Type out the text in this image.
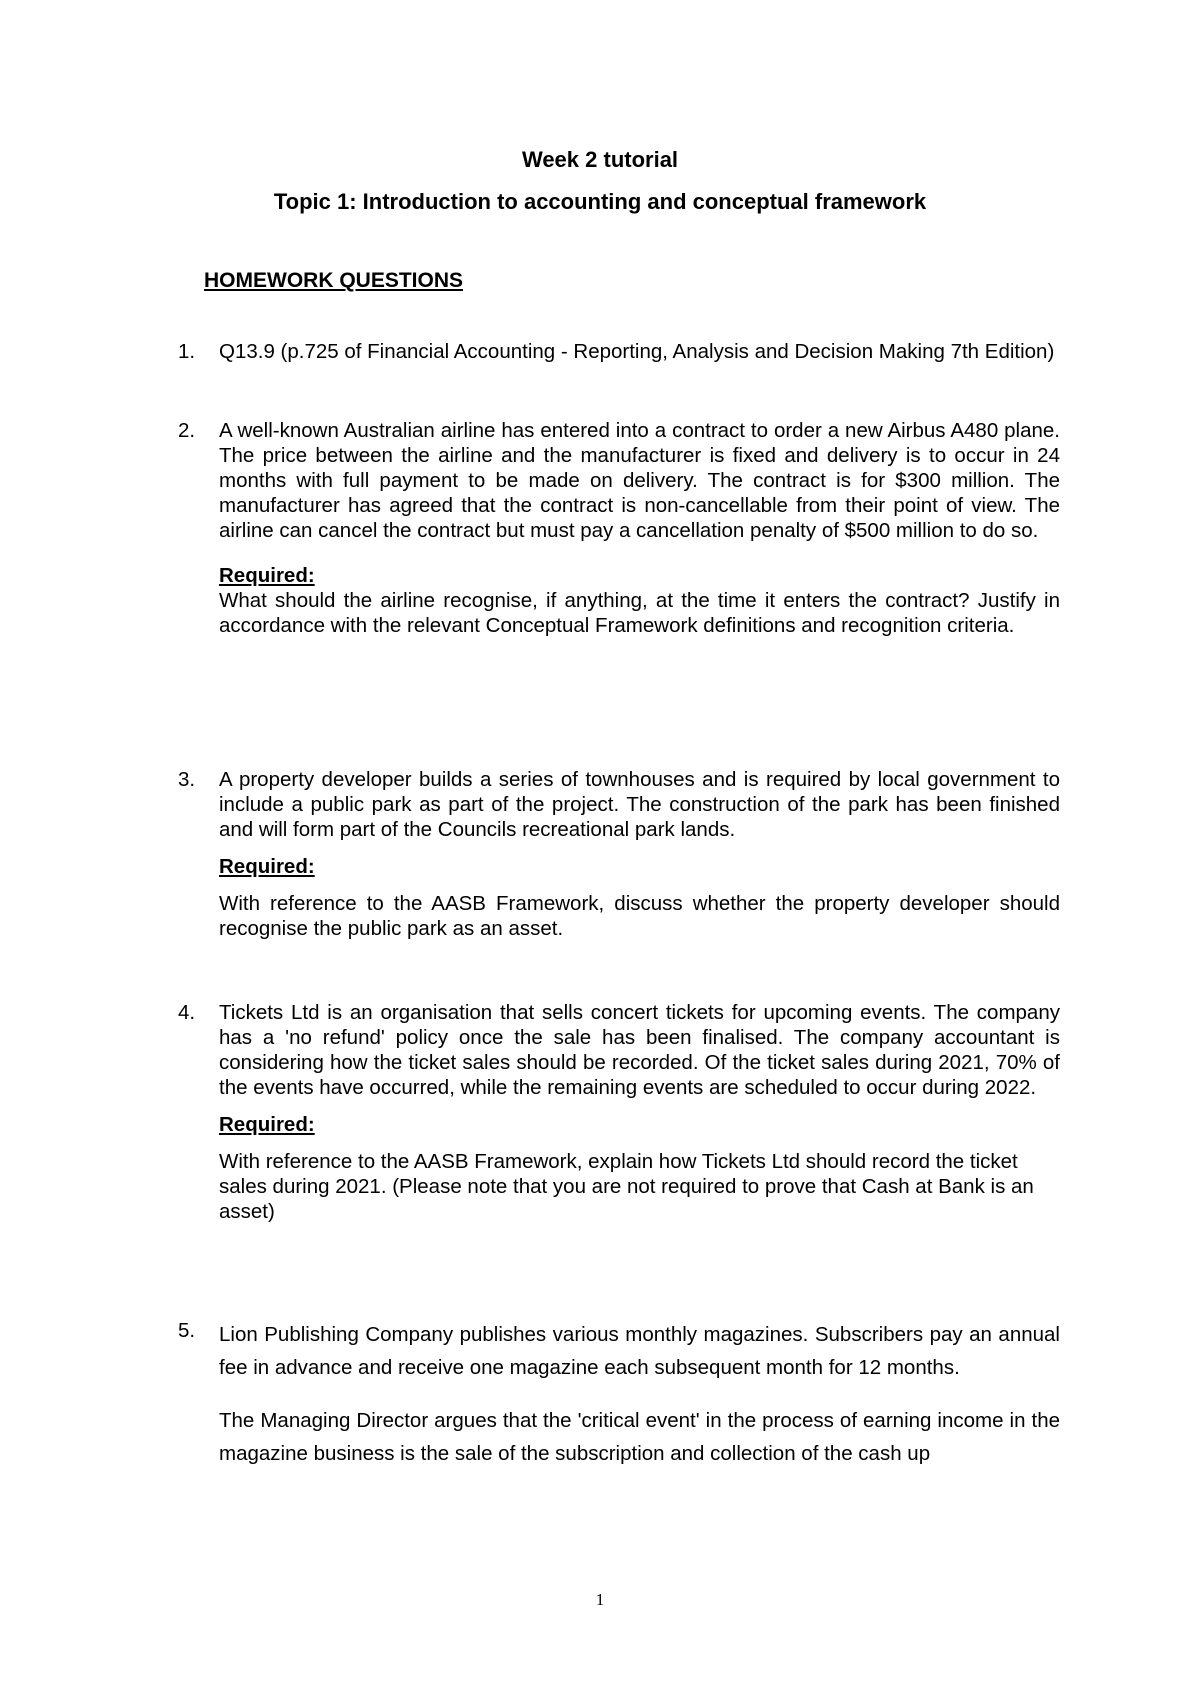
Week 2 tutorial
Topic 1: Introduction to accounting and conceptual framework
HOMEWORK QUESTIONS
1.	Q13.9 (p.725 of Financial Accounting - Reporting, Analysis and Decision Making 7th Edition)

2.	A well-known Australian airline has entered into a contract to order a new Airbus A480 plane. The price between the airline and the manufacturer is fixed and delivery is to occur in 24 months with full payment to be made on delivery. The contract is for $300 million. The manufacturer has agreed that the contract is non-cancellable from their point of view. The airline can cancel the contract but must pay a cancellation penalty of $500 million to do so.

Required:

What should the airline recognise, if anything, at the time it enters the contract? Justify in accordance with the relevant Conceptual Framework definitions and recognition criteria.

3.	A property developer builds a series of townhouses and is required by local government to include a public park as part of the project. The construction of the park has been finished and will form part of the Councils recreational park lands.

Required:

With reference to the AASB Framework, discuss whether the property developer should recognise the public park as an asset.

4.	Tickets Ltd is an organisation that sells concert tickets for upcoming events. The company has a 'no refund' policy once the sale has been finalised. The company accountant is considering how the ticket sales should be recorded. Of the ticket sales during 2021, 70% of the events have occurred, while the remaining events are scheduled to occur during 2022.

Required:

With reference to the AASB Framework, explain how Tickets Ltd should record the ticket sales during 2021. (Please note that you are not required to prove that Cash at Bank is an asset)

5.	Lion Publishing Company publishes various monthly magazines. Subscribers pay an annual fee in advance and receive one magazine each subsequent month for 12 months.

The Managing Director argues that the 'critical event' in the process of earning income in the magazine business is the sale of the subscription and collection of the cash up

1
